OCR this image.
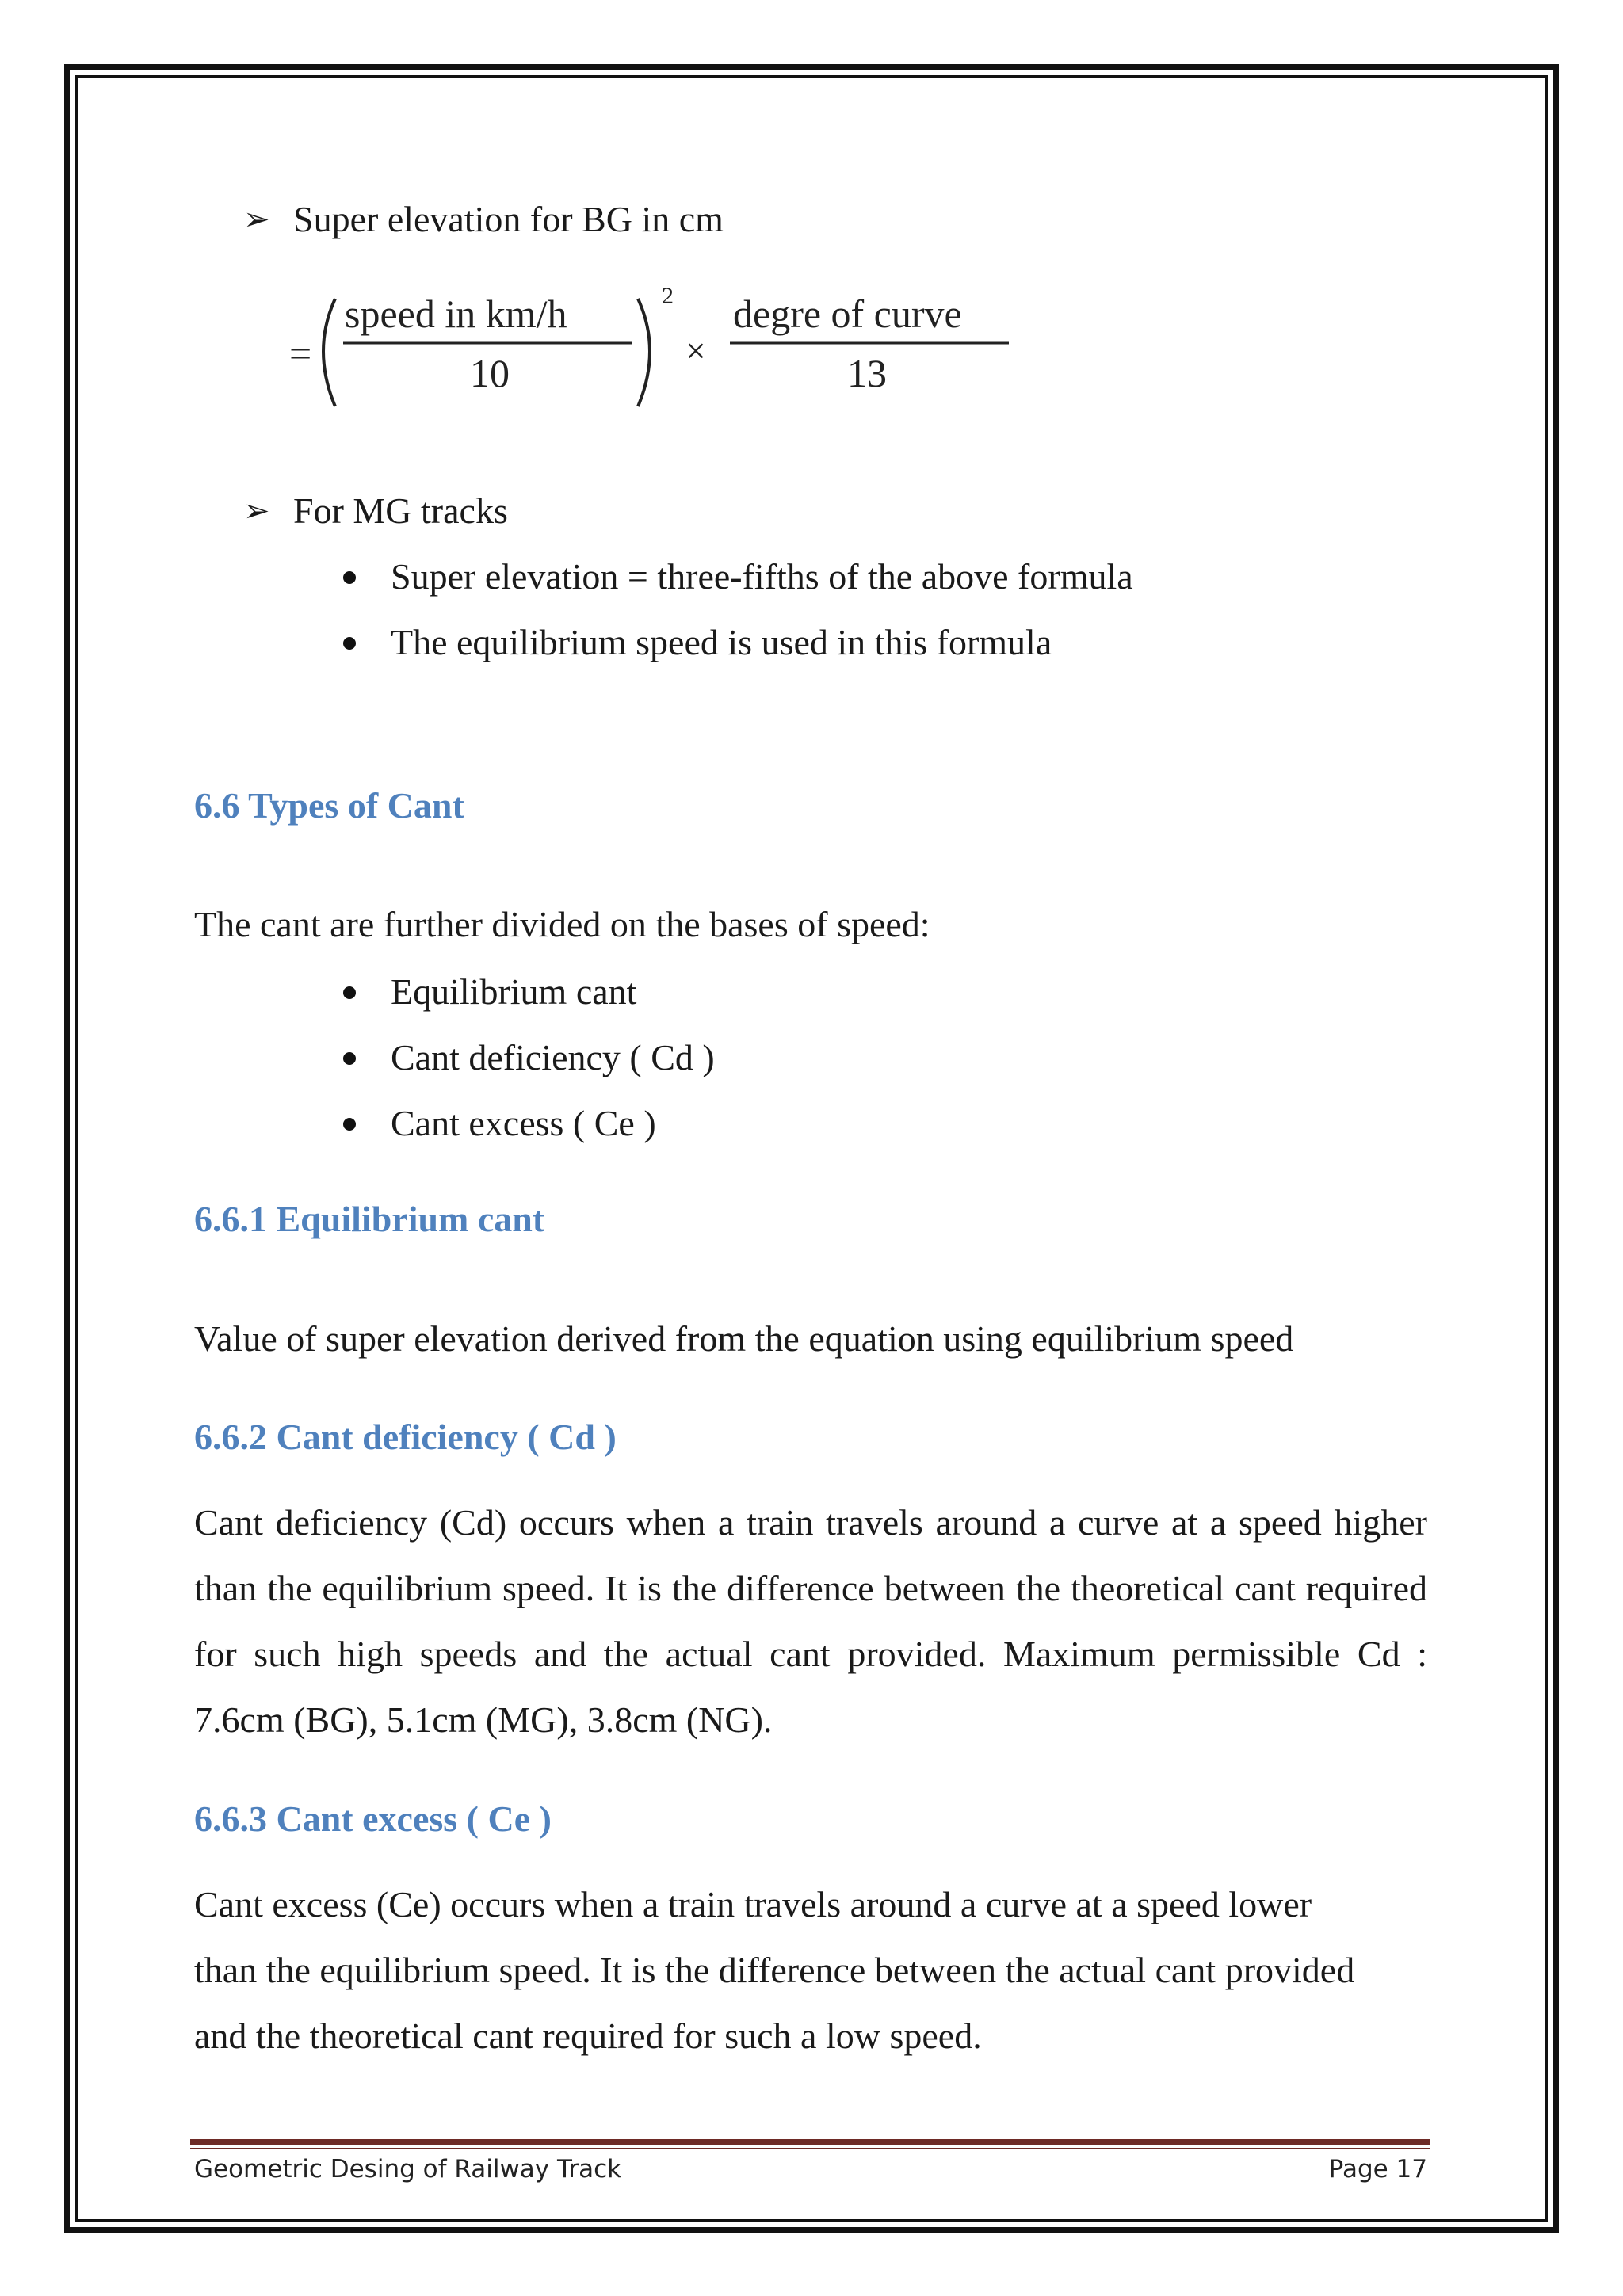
➢ Super elevation for BG in cm
=
speed in km/h
10
2
×
degre of curve
13
➢ For MG tracks
Super elevation = three-fifths of the above formula
The equilibrium speed is used in this formula
6.6 Types of Cant
The cant are further divided on the bases of speed:
Equilibrium cant
Cant deficiency ( Cd )
Cant excess ( Ce )
6.6.1 Equilibrium cant
Value of super elevation derived from the equation using equilibrium speed
6.6.2 Cant deficiency ( Cd )
Cant deficiency (Cd) occurs when a train travels around a curve at a speed higher than the equilibrium speed. It is the difference between the theoretical cant required for such high speeds and the actual cant provided. Maximum permissible Cd : 7.6cm (BG), 5.1cm (MG), 3.8cm (NG).
6.6.3 Cant excess ( Ce )
Cant excess (Ce) occurs when a train travels around a curve at a speed lower
than the equilibrium speed. It is the difference between the actual cant provided
and the theoretical cant required for such a low speed.
Geometric Desing of Railway Track	Page 17
